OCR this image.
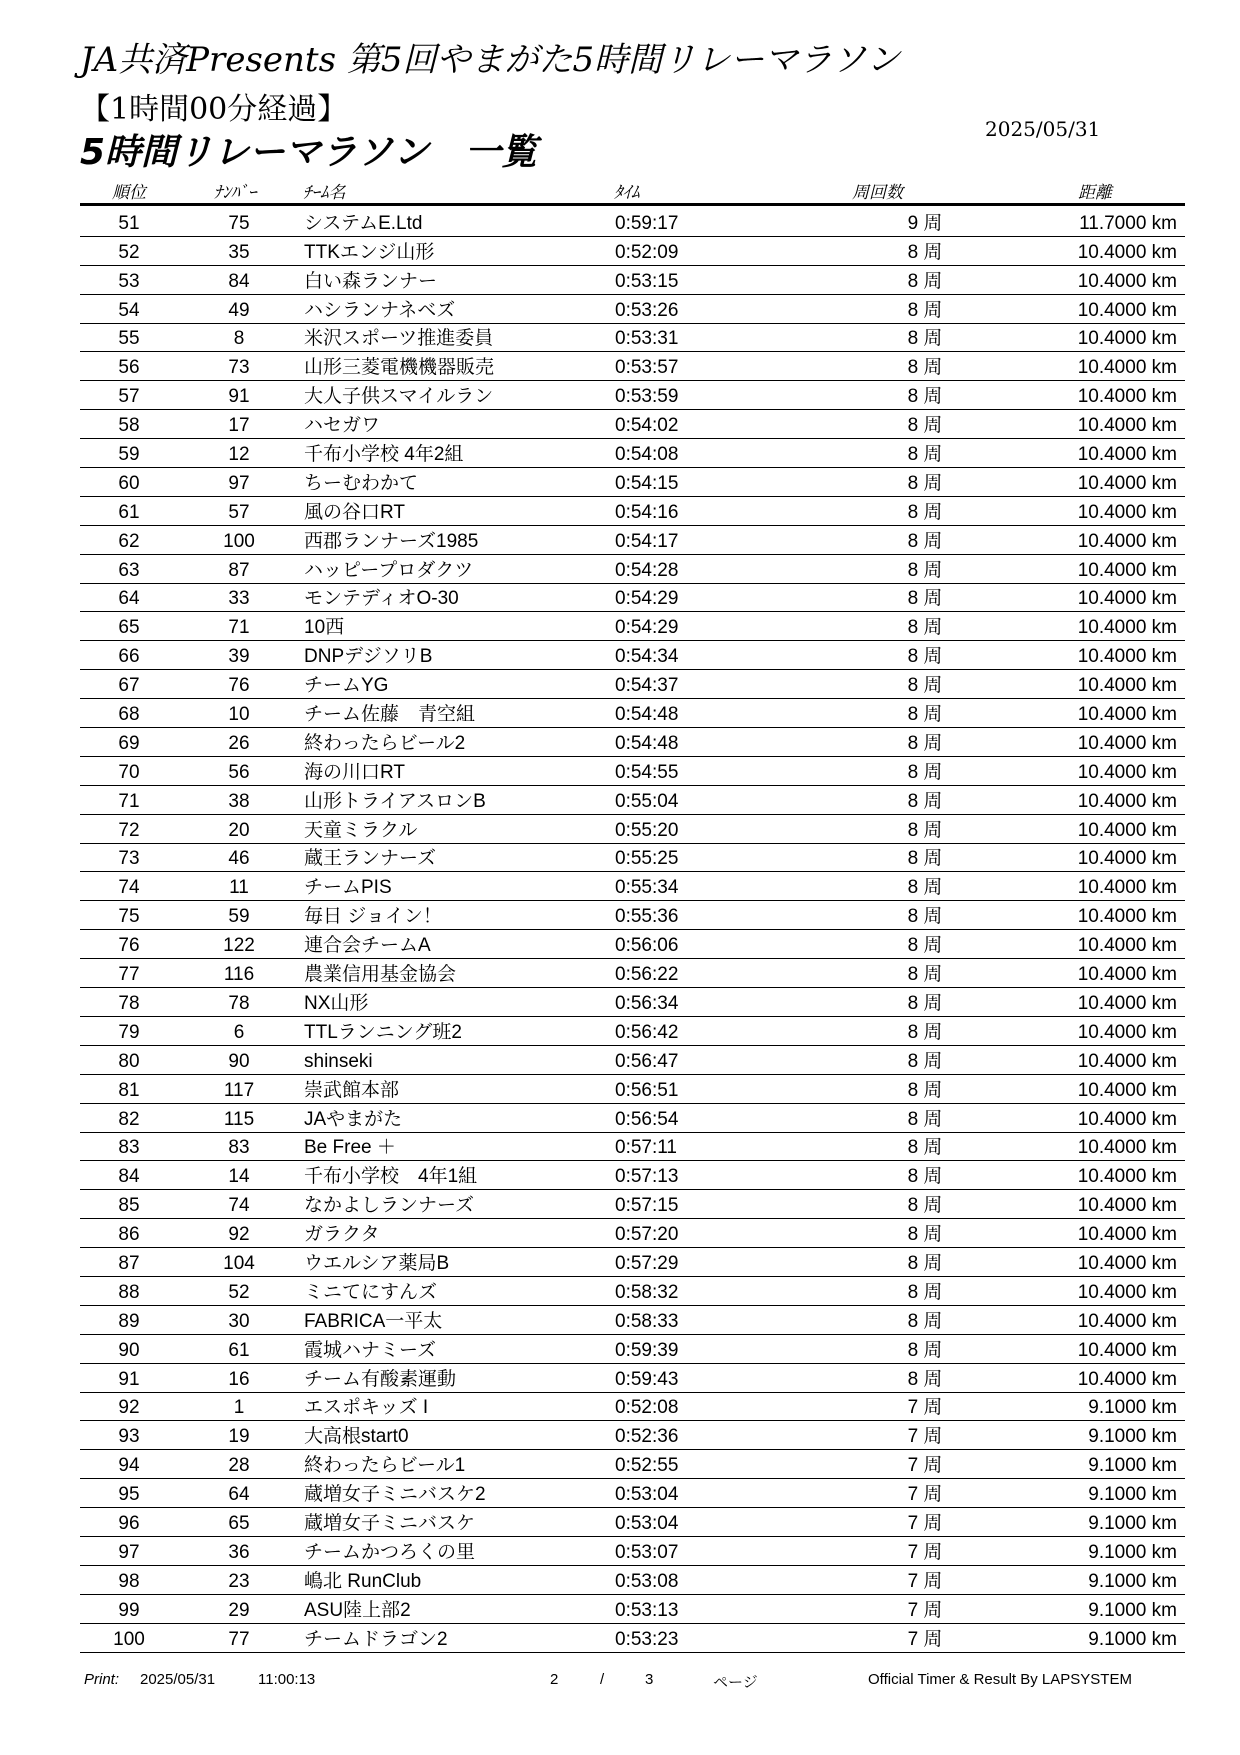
JA共済Presents 第5回やまがた5時間リレーマラソン
【1時間00分経過】
5時間リレーマラソン　一覧
2025/05/31
順位	ﾅﾝﾊﾞｰ	ﾁｰﾑ名	ﾀｲﾑ	周回数	距離
51	75	システムE.Ltd	0:59:17	9 周	11.7000 km
52	35	TTKエンジ山形	0:52:09	8 周	10.4000 km
53	84	白い森ランナー	0:53:15	8 周	10.4000 km
54	49	ハシランナネベズ	0:53:26	8 周	10.4000 km
55	8	米沢スポーツ推進委員	0:53:31	8 周	10.4000 km
56	73	山形三菱電機機器販売	0:53:57	8 周	10.4000 km
57	91	大人子供スマイルラン	0:53:59	8 周	10.4000 km
58	17	ハセガワ	0:54:02	8 周	10.4000 km
59	12	千布小学校 4年2組	0:54:08	8 周	10.4000 km
60	97	ちーむわかて	0:54:15	8 周	10.4000 km
61	57	風の谷口RT	0:54:16	8 周	10.4000 km
62	100	西郡ランナーズ1985	0:54:17	8 周	10.4000 km
63	87	ハッピープロダクツ	0:54:28	8 周	10.4000 km
64	33	モンテディオO-30	0:54:29	8 周	10.4000 km
65	71	10西	0:54:29	8 周	10.4000 km
66	39	DNPデジソリB	0:54:34	8 周	10.4000 km
67	76	チームYG	0:54:37	8 周	10.4000 km
68	10	チーム佐藤　青空組	0:54:48	8 周	10.4000 km
69	26	終わったらビール2	0:54:48	8 周	10.4000 km
70	56	海の川口RT	0:54:55	8 周	10.4000 km
71	38	山形トライアスロンB	0:55:04	8 周	10.4000 km
72	20	天童ミラクル	0:55:20	8 周	10.4000 km
73	46	蔵王ランナーズ	0:55:25	8 周	10.4000 km
74	11	チームPIS	0:55:34	8 周	10.4000 km
75	59	毎日 ジョイン！	0:55:36	8 周	10.4000 km
76	122	連合会チームA	0:56:06	8 周	10.4000 km
77	116	農業信用基金協会	0:56:22	8 周	10.4000 km
78	78	NX山形	0:56:34	8 周	10.4000 km
79	6	TTLランニング班2	0:56:42	8 周	10.4000 km
80	90	shinseki	0:56:47	8 周	10.4000 km
81	117	崇武館本部	0:56:51	8 周	10.4000 km
82	115	JAやまがた	0:56:54	8 周	10.4000 km
83	83	Be Free ＋	0:57:11	8 周	10.4000 km
84	14	千布小学校　4年1組	0:57:13	8 周	10.4000 km
85	74	なかよしランナーズ	0:57:15	8 周	10.4000 km
86	92	ガラクタ	0:57:20	8 周	10.4000 km
87	104	ウエルシア薬局B	0:57:29	8 周	10.4000 km
88	52	ミニてにすんズ	0:58:32	8 周	10.4000 km
89	30	FABRICA一平太	0:58:33	8 周	10.4000 km
90	61	霞城ハナミーズ	0:59:39	8 周	10.4000 km
91	16	チーム有酸素運動	0:59:43	8 周	10.4000 km
92	1	エスポキッズ I	0:52:08	7 周	9.1000 km
93	19	大高根start0	0:52:36	7 周	9.1000 km
94	28	終わったらビール1	0:52:55	7 周	9.1000 km
95	64	蔵増女子ミニバスケ2	0:53:04	7 周	9.1000 km
96	65	蔵増女子ミニバスケ	0:53:04	7 周	9.1000 km
97	36	チームかつろくの里	0:53:07	7 周	9.1000 km
98	23	嶋北 RunClub	0:53:08	7 周	9.1000 km
99	29	ASU陸上部2	0:53:13	7 周	9.1000 km
100	77	チームドラゴン2	0:53:23	7 周	9.1000 km
Print: 2025/05/31	11:00:13	2	/	3	ページ	Official Timer & Result By LAPSYSTEM
